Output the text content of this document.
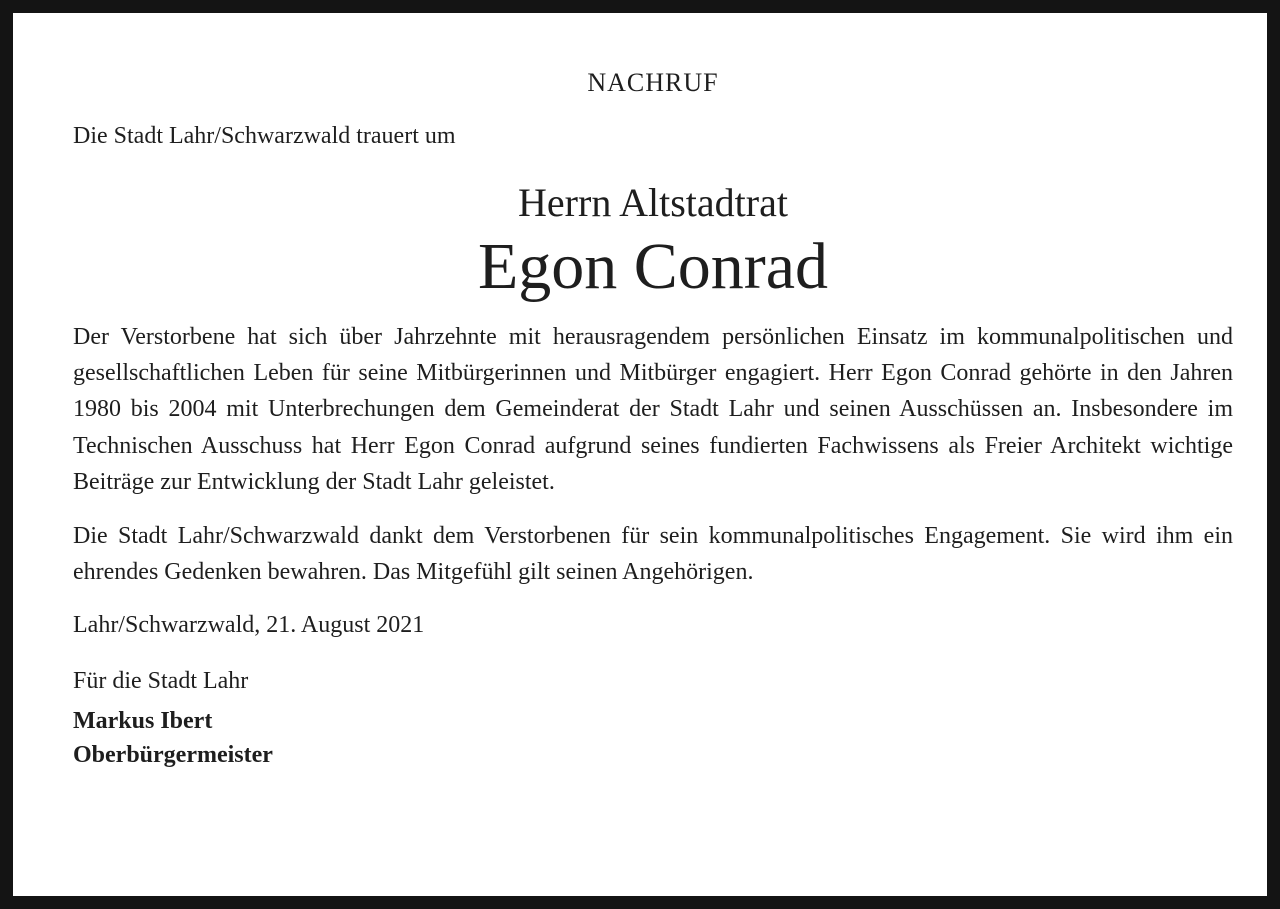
NACHRUF

Die Stadt Lahr/Schwarzwald trauert um

Herrn Altstadtrat

Egon Conrad

Der Verstorbene hat sich über Jahrzehnte mit herausragendem persönlichen Einsatz im kommunalpolitischen und gesellschaftlichen Leben für seine Mitbürgerinnen und Mitbürger engagiert. Herr Egon Conrad gehörte in den Jahren 1980 bis 2004 mit Unterbrechungen dem Gemeinderat der Stadt Lahr und seinen Ausschüssen an. Insbesondere im Technischen Ausschuss hat Herr Egon Conrad aufgrund seines fundierten Fachwissens als Freier Architekt wichtige Beiträge zur Entwicklung der Stadt Lahr geleistet.

Die Stadt Lahr/Schwarzwald dankt dem Verstorbenen für sein kommunalpolitisches Engagement. Sie wird ihm ein ehrendes Gedenken bewahren. Das Mitgefühl gilt seinen Angehörigen.

Lahr/Schwarzwald, 21. August 2021

Für die Stadt Lahr

Markus Ibert

Oberbürgermeister
